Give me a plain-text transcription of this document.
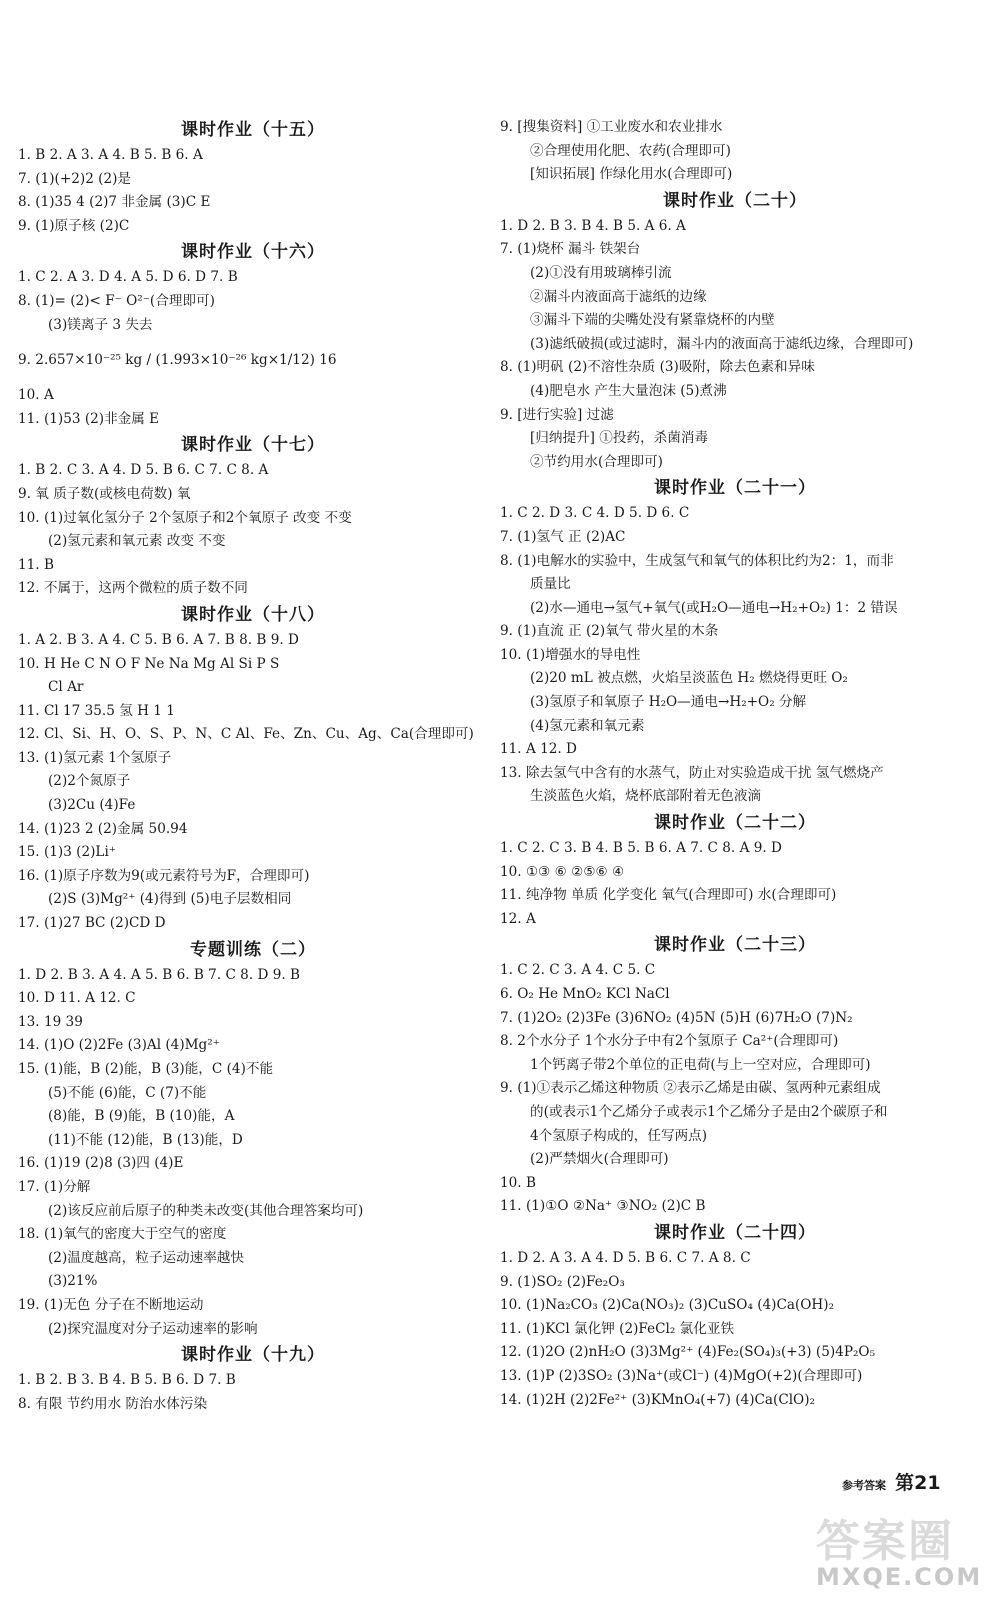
课时作业（十五）
1. B 2. A 3. A 4. B 5. B 6. A
7. (1)(+2)2 (2)是
8. (1)35 4 (2)7 非金属 (3)C E
9. (1)原子核 (2)C
课时作业（十六）
1. C 2. A 3. D 4. A 5. D 6. D 7. B
8. (1)= (2)< F⁻ O²⁻(合理即可)
(3)镁离子 3 失去
9. 2.657×10⁻²⁵ kg / (1.993×10⁻²⁶ kg×1/12) 16
10. A
11. (1)53 (2)非金属 E
课时作业（十七）
1. B 2. C 3. A 4. D 5. B 6. C 7. C 8. A
9. 氧 质子数(或核电荷数) 氧
10. (1)过氧化氢分子 2个氢原子和2个氧原子 改变 不变
(2)氢元素和氧元素 改变 不变
11. B
12. 不属于，这两个微粒的质子数不同
课时作业（十八）
1. A 2. B 3. A 4. C 5. B 6. A 7. B 8. B 9. D
10. H He C N O F Ne Na Mg Al Si P S
Cl Ar
11. Cl 17 35.5 氢 H 1 1
12. Cl、Si、H、O、S、P、N、C Al、Fe、Zn、Cu、Ag、Ca(合理即可)
13. (1)氢元素 1个氢原子
(2)2个氮原子
(3)2Cu (4)Fe
14. (1)23 2 (2)金属 50.94
15. (1)3 (2)Li⁺
16. (1)原子序数为9(或元素符号为F，合理即可)
(2)S (3)Mg²⁺ (4)得到 (5)电子层数相同
17. (1)27 BC (2)CD D
专题训练（二）
1. D 2. B 3. A 4. A 5. B 6. B 7. C 8. D 9. B
10. D 11. A 12. C
13. 19 39
14. (1)O (2)2Fe (3)Al (4)Mg²⁺
15. (1)能，B (2)能，B (3)能，C (4)不能
(5)不能 (6)能，C (7)不能
(8)能，B (9)能，B (10)能，A
(11)不能 (12)能，B (13)能，D
16. (1)19 (2)8 (3)四 (4)E
17. (1)分解
(2)该反应前后原子的种类未改变(其他合理答案均可)
18. (1)氧气的密度大于空气的密度
(2)温度越高，粒子运动速率越快
(3)21%
19. (1)无色 分子在不断地运动
(2)探究温度对分子运动速率的影响
课时作业（十九）
1. B 2. B 3. B 4. B 5. B 6. D 7. B
8. 有限 节约用水 防治水体污染
9. [搜集资料] ①工业废水和农业排水
②合理使用化肥、农药(合理即可)
[知识拓展] 作绿化用水(合理即可)
课时作业（二十）
1. D 2. B 3. B 4. B 5. A 6. A
7. (1)烧杯 漏斗 铁架台
(2)①没有用玻璃棒引流
②漏斗内液面高于滤纸的边缘
③漏斗下端的尖嘴处没有紧靠烧杯的内壁
(3)滤纸破损(或过滤时，漏斗内的液面高于滤纸边缘，合理即可)
8. (1)明矾 (2)不溶性杂质 (3)吸附，除去色素和异味
(4)肥皂水 产生大量泡沫 (5)煮沸
9. [进行实验] 过滤
[归纳提升] ①投药，杀菌消毒
②节约用水(合理即可)
课时作业（二十一）
1. C 2. D 3. C 4. D 5. D 6. C
7. (1)氢气 正 (2)AC
8. (1)电解水的实验中，生成氢气和氧气的体积比约为2：1，而非
质量比
(2)水—通电→氢气+氧气(或H₂O—通电→H₂+O₂) 1：2 错误
9. (1)直流 正 (2)氧气 带火星的木条
10. (1)增强水的导电性
(2)20 mL 被点燃，火焰呈淡蓝色 H₂ 燃烧得更旺 O₂
(3)氢原子和氧原子 H₂O—通电→H₂+O₂ 分解
(4)氢元素和氧元素
11. A 12. D
13. 除去氢气中含有的水蒸气，防止对实验造成干扰 氢气燃烧产
生淡蓝色火焰，烧杯底部附着无色液滴
课时作业（二十二）
1. C 2. C 3. B 4. B 5. B 6. A 7. C 8. A 9. D
10. ①③ ⑥ ②⑤⑥ ④
11. 纯净物 单质 化学变化 氧气(合理即可) 水(合理即可)
12. A
课时作业（二十三）
1. C 2. C 3. A 4. C 5. C
6. O₂ He MnO₂ KCl NaCl
7. (1)2O₂ (2)3Fe (3)6NO₂ (4)5N (5)H (6)7H₂O (7)N₂
8. 2个水分子 1个水分子中有2个氢原子 Ca²⁺(合理即可)
1个钙离子带2个单位的正电荷(与上一空对应，合理即可)
9. (1)①表示乙烯这种物质 ②表示乙烯是由碳、氢两种元素组成
的(或表示1个乙烯分子或表示1个乙烯分子是由2个碳原子和
4个氢原子构成的，任写两点)
(2)严禁烟火(合理即可)
10. B
11. (1)①O ②Na⁺ ③NO₂ (2)C B
课时作业（二十四）
1. D 2. A 3. A 4. D 5. B 6. C 7. A 8. C
9. (1)SO₂ (2)Fe₂O₃
10. (1)Na₂CO₃ (2)Ca(NO₃)₂ (3)CuSO₄ (4)Ca(OH)₂
11. (1)KCl 氯化钾 (2)FeCl₂ 氯化亚铁
12. (1)2O (2)nH₂O (3)3Mg²⁺ (4)Fe₂(SO₄)₃(+3) (5)4P₂O₅
13. (1)P (2)3SO₂ (3)Na⁺(或Cl⁻) (4)MgO(+2)(合理即可)
14. (1)2H (2)2Fe²⁺ (3)KMnO₄(+7) (4)Ca(ClO)₂
参考答案 第21
答案圈
MXQE.COM
